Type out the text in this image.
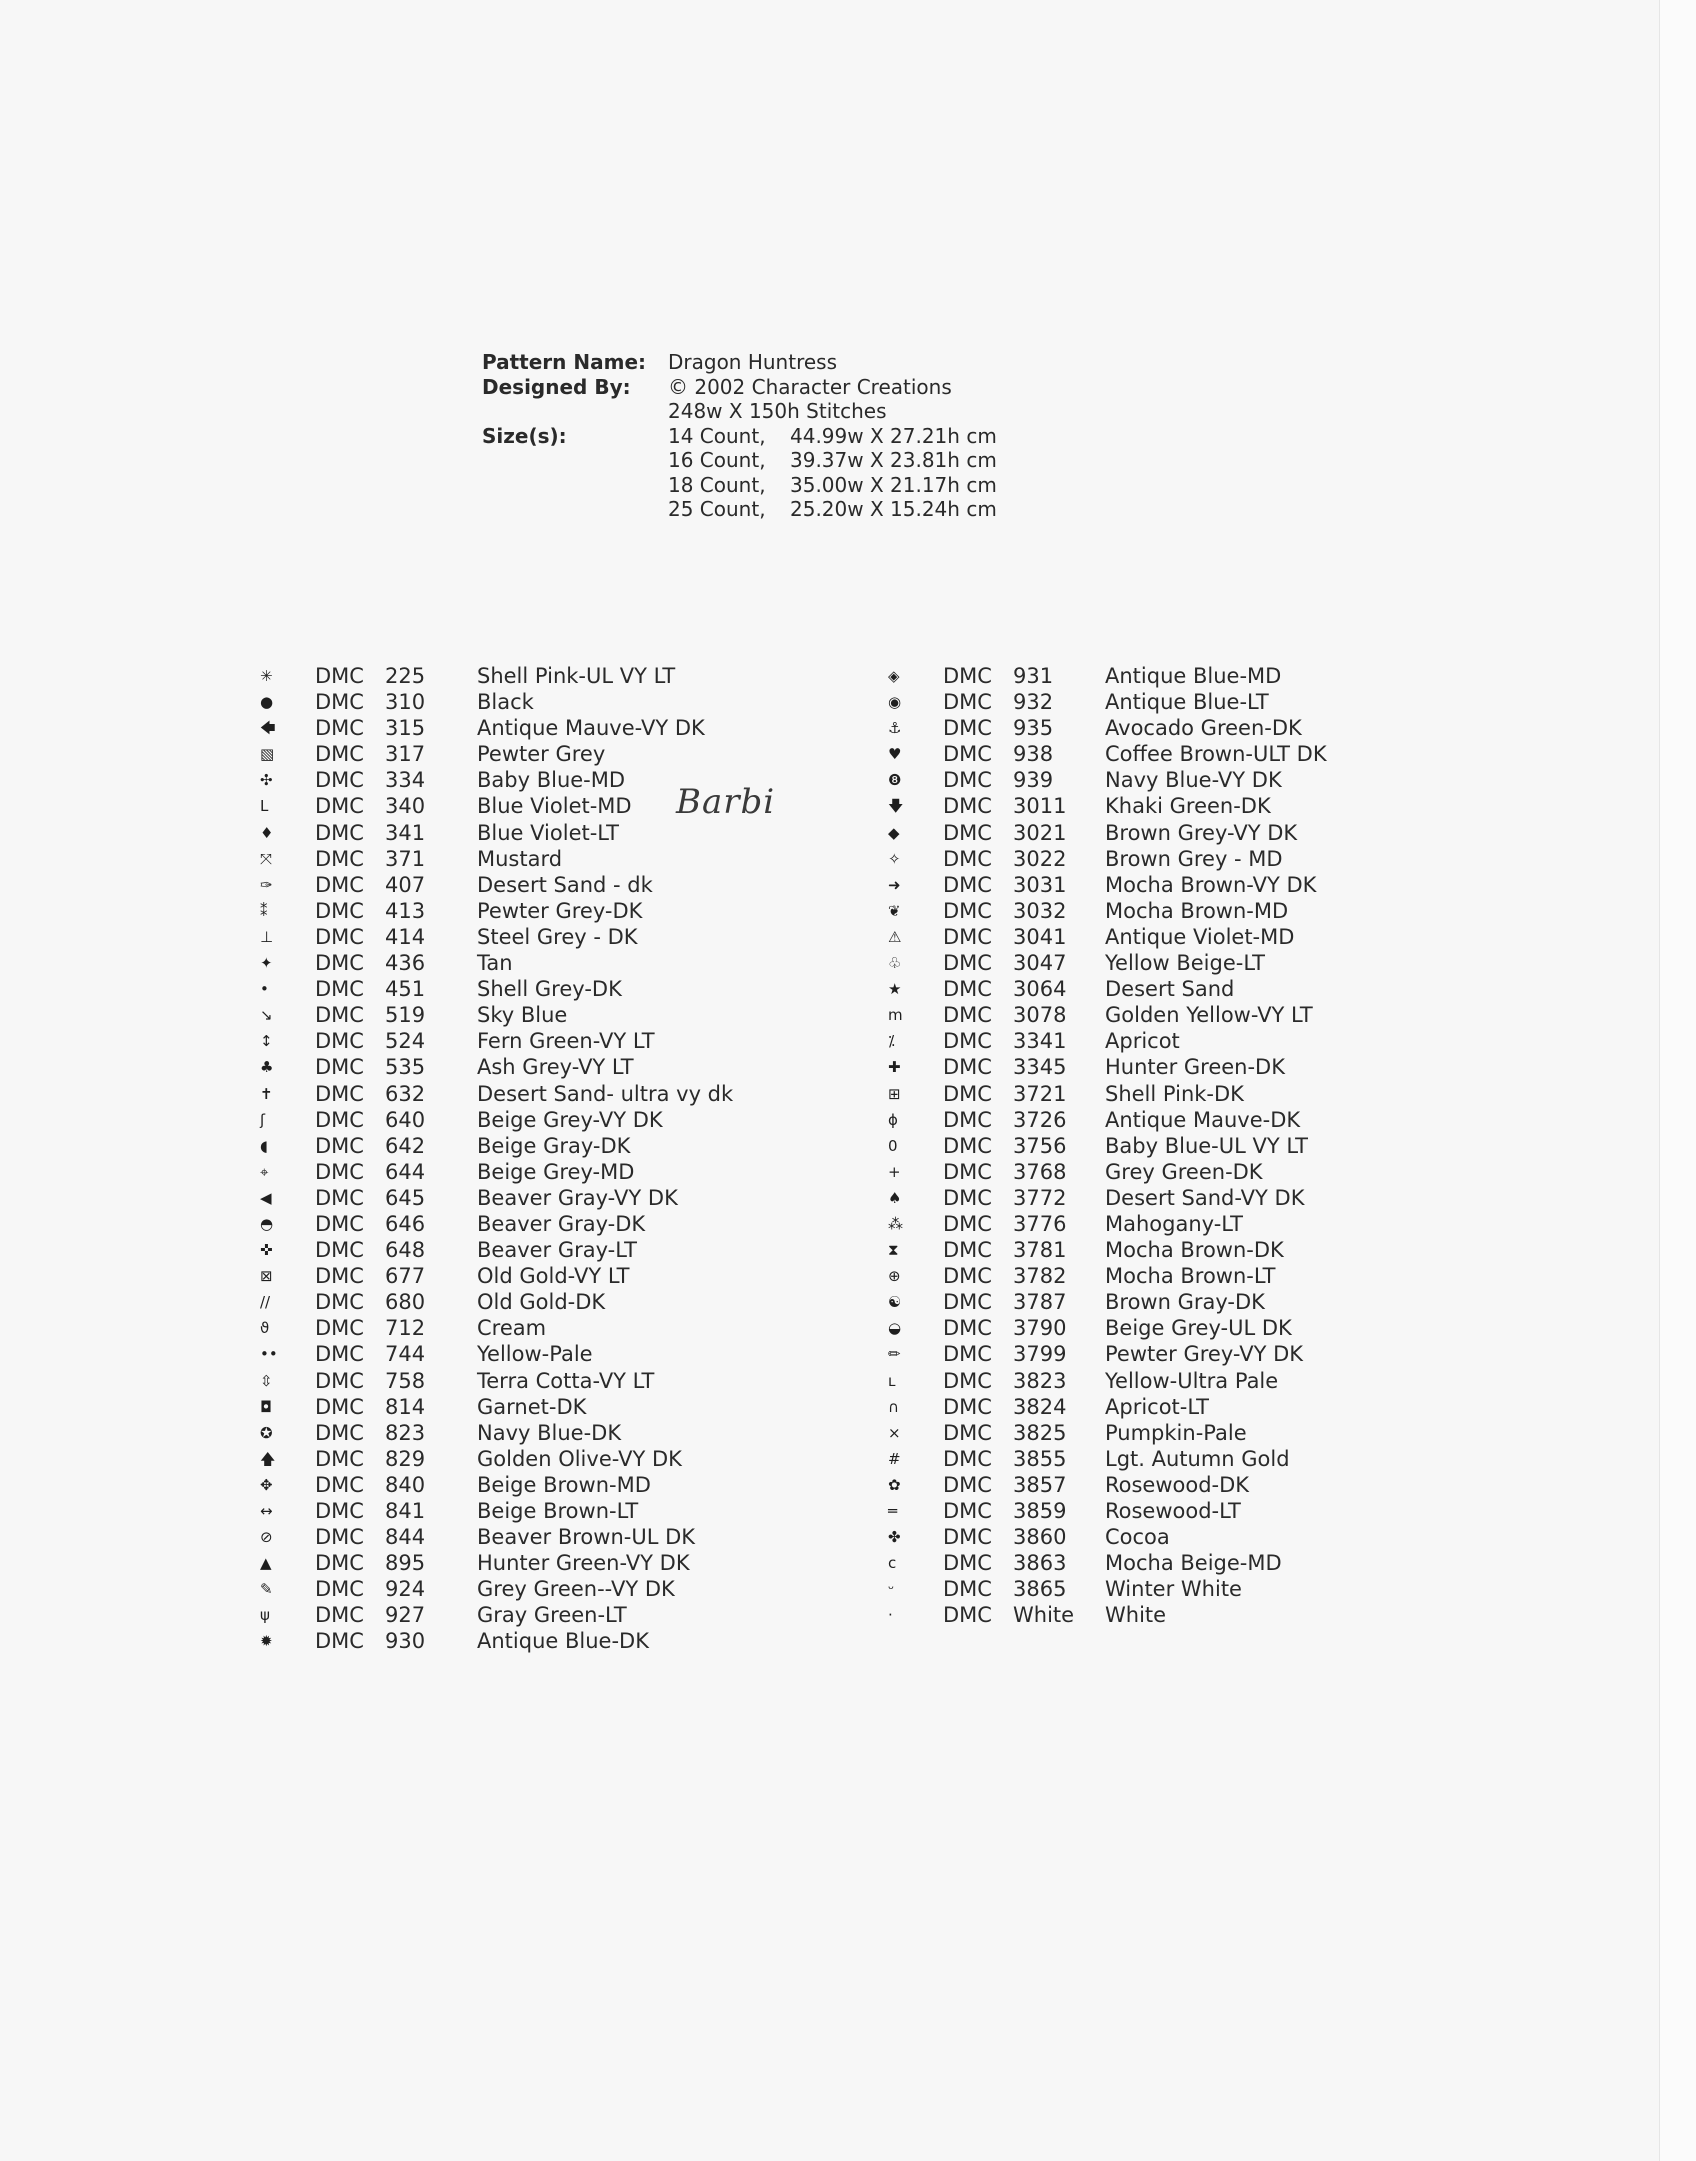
Pattern Name:	Dragon Huntress
Designed By:	© 2002 Character Creations
248w X 150h Stitches
Size(s):	14 Count,	44.99w X 27.21h cm
16 Count,	39.37w X 23.81h cm
18 Count,	35.00w X 21.17h cm
25 Count,	25.20w X 15.24h cm
Barbi
✳	DMC	225	Shell Pink-UL VY LT
●	DMC	310	Black
🡄	DMC	315	Antique Mauve-VY DK
▧	DMC	317	Pewter Grey
✣	DMC	334	Baby Blue-MD
L	DMC	340	Blue Violet-MD
♦	DMC	341	Blue Violet-LT
⤧	DMC	371	Mustard
✑	DMC	407	Desert Sand - dk
⁑	DMC	413	Pewter Grey-DK
⊥	DMC	414	Steel Grey - DK
✦	DMC	436	Tan
•	DMC	451	Shell Grey-DK
↘	DMC	519	Sky Blue
↕	DMC	524	Fern Green-VY LT
♣	DMC	535	Ash Grey-VY LT
✝	DMC	632	Desert Sand- ultra vy dk
ʃ	DMC	640	Beige Grey-VY DK
◖	DMC	642	Beige Gray-DK
⌖	DMC	644	Beige Grey-MD
◀	DMC	645	Beaver Gray-VY DK
◓	DMC	646	Beaver Gray-DK
✜	DMC	648	Beaver Gray-LT
⊠	DMC	677	Old Gold-VY LT
//	DMC	680	Old Gold-DK
ϑ	DMC	712	Cream
••	DMC	744	Yellow-Pale
⇳	DMC	758	Terra Cotta-VY LT
◘	DMC	814	Garnet-DK
✪	DMC	823	Navy Blue-DK
🡅	DMC	829	Golden Olive-VY DK
✥	DMC	840	Beige Brown-MD
↔	DMC	841	Beige Brown-LT
⊘	DMC	844	Beaver Brown-UL DK
▲	DMC	895	Hunter Green-VY DK
✎	DMC	924	Grey Green--VY DK
ψ	DMC	927	Gray Green-LT
✹	DMC	930	Antique Blue-DK
◈	DMC	931	Antique Blue-MD
◉	DMC	932	Antique Blue-LT
⚓	DMC	935	Avocado Green-DK
♥	DMC	938	Coffee Brown-ULT DK
❽	DMC	939	Navy Blue-VY DK
🡇	DMC	3011	Khaki Green-DK
◆	DMC	3021	Brown Grey-VY DK
✧	DMC	3022	Brown Grey - MD
➜	DMC	3031	Mocha Brown-VY DK
❦	DMC	3032	Mocha Brown-MD
⚠	DMC	3041	Antique Violet-MD
♧	DMC	3047	Yellow Beige-LT
★	DMC	3064	Desert Sand
m	DMC	3078	Golden Yellow-VY LT
⁒	DMC	3341	Apricot
✚	DMC	3345	Hunter Green-DK
⊞	DMC	3721	Shell Pink-DK
ɸ	DMC	3726	Antique Mauve-DK
0	DMC	3756	Baby Blue-UL VY LT
+	DMC	3768	Grey Green-DK
♠	DMC	3772	Desert Sand-VY DK
⁂	DMC	3776	Mahogany-LT
⧗	DMC	3781	Mocha Brown-DK
⊕	DMC	3782	Mocha Brown-LT
☯	DMC	3787	Brown Gray-DK
◒	DMC	3790	Beige Grey-UL DK
✏	DMC	3799	Pewter Grey-VY DK
ʟ	DMC	3823	Yellow-Ultra Pale
∩	DMC	3824	Apricot-LT
×	DMC	3825	Pumpkin-Pale
#	DMC	3855	Lgt. Autumn Gold
✿	DMC	3857	Rosewood-DK
═	DMC	3859	Rosewood-LT
✤	DMC	3860	Cocoa
ϲ	DMC	3863	Mocha Beige-MD
ᵕ	DMC	3865	Winter White
·	DMC	White	White
